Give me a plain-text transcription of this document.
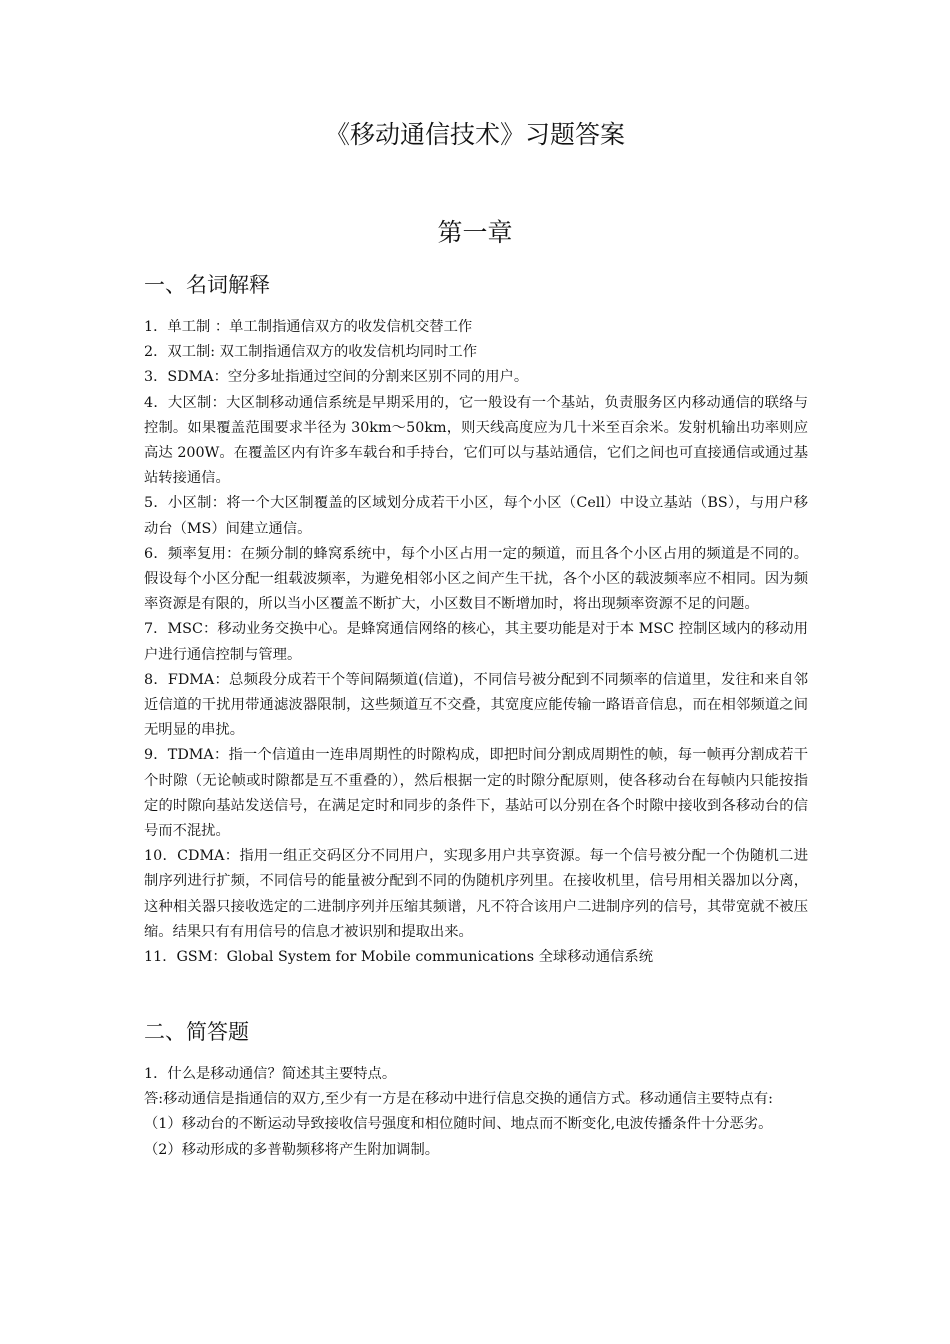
《移动通信技术》习题答案
第一章
一、名词解释

1．单工制 ：单工制指通信双方的收发信机交替工作

2．双工制: 双工制指通信双方的收发信机均同时工作

3．SDMA：空分多址指通过空间的分割来区别不同的用户。

4．大区制：大区制移动通信系统是早期采用的，它一般设有一个基站，负责服务区内移动通信的联络与控制。如果覆盖范围要求半径为 30km～50km，则天线高度应为几十米至百余米。发射机输出功率则应高达 200W。在覆盖区内有许多车载台和手持台，它们可以与基站通信，它们之间也可直接通信或通过基站转接通信。

5．小区制：将一个大区制覆盖的区域划分成若干小区，每个小区（Cell）中设立基站（BS），与用户移动台（MS）间建立通信。

6．频率复用：在频分制的蜂窝系统中，每个小区占用一定的频道，而且各个小区占用的频道是不同的。假设每个小区分配一组载波频率，为避免相邻小区之间产生干扰，各个小区的载波频率应不相同。因为频率资源是有限的，所以当小区覆盖不断扩大，小区数目不断增加时，将出现频率资源不足的问题。

7．MSC：移动业务交换中心。是蜂窝通信网络的核心，其主要功能是对于本 MSC 控制区域内的移动用户进行通信控制与管理。

8．FDMA：总频段分成若干个等间隔频道(信道)，不同信号被分配到不同频率的信道里，发往和来自邻近信道的干扰用带通滤波器限制，这些频道互不交叠，其宽度应能传输一路语音信息，而在相邻频道之间无明显的串扰。

9．TDMA：指一个信道由一连串周期性的时隙构成，即把时间分割成周期性的帧，每一帧再分割成若干个时隙（无论帧或时隙都是互不重叠的），然后根据一定的时隙分配原则，使各移动台在每帧内只能按指定的时隙向基站发送信号，在满足定时和同步的条件下，基站可以分别在各个时隙中接收到各移动台的信号而不混扰。

10．CDMA：指用一组正交码区分不同用户，实现多用户共享资源。每一个信号被分配一个伪随机二进制序列进行扩频，不同信号的能量被分配到不同的伪随机序列里。在接收机里，信号用相关器加以分离，这种相关器只接收选定的二进制序列并压缩其频谱，凡不符合该用户二进制序列的信号，其带宽就不被压缩。结果只有有用信号的信息才被识别和提取出来。

11．GSM：Global System for Mobile communications 全球移动通信系统

二、简答题

1．什么是移动通信？简述其主要特点。

答:移动通信是指通信的双方,至少有一方是在移动中进行信息交换的通信方式。移动通信主要特点有:

（1）移动台的不断运动导致接收信号强度和相位随时间、地点而不断变化,电波传播条件十分恶劣。

（2）移动形成的多普勒频移将产生附加调制。
